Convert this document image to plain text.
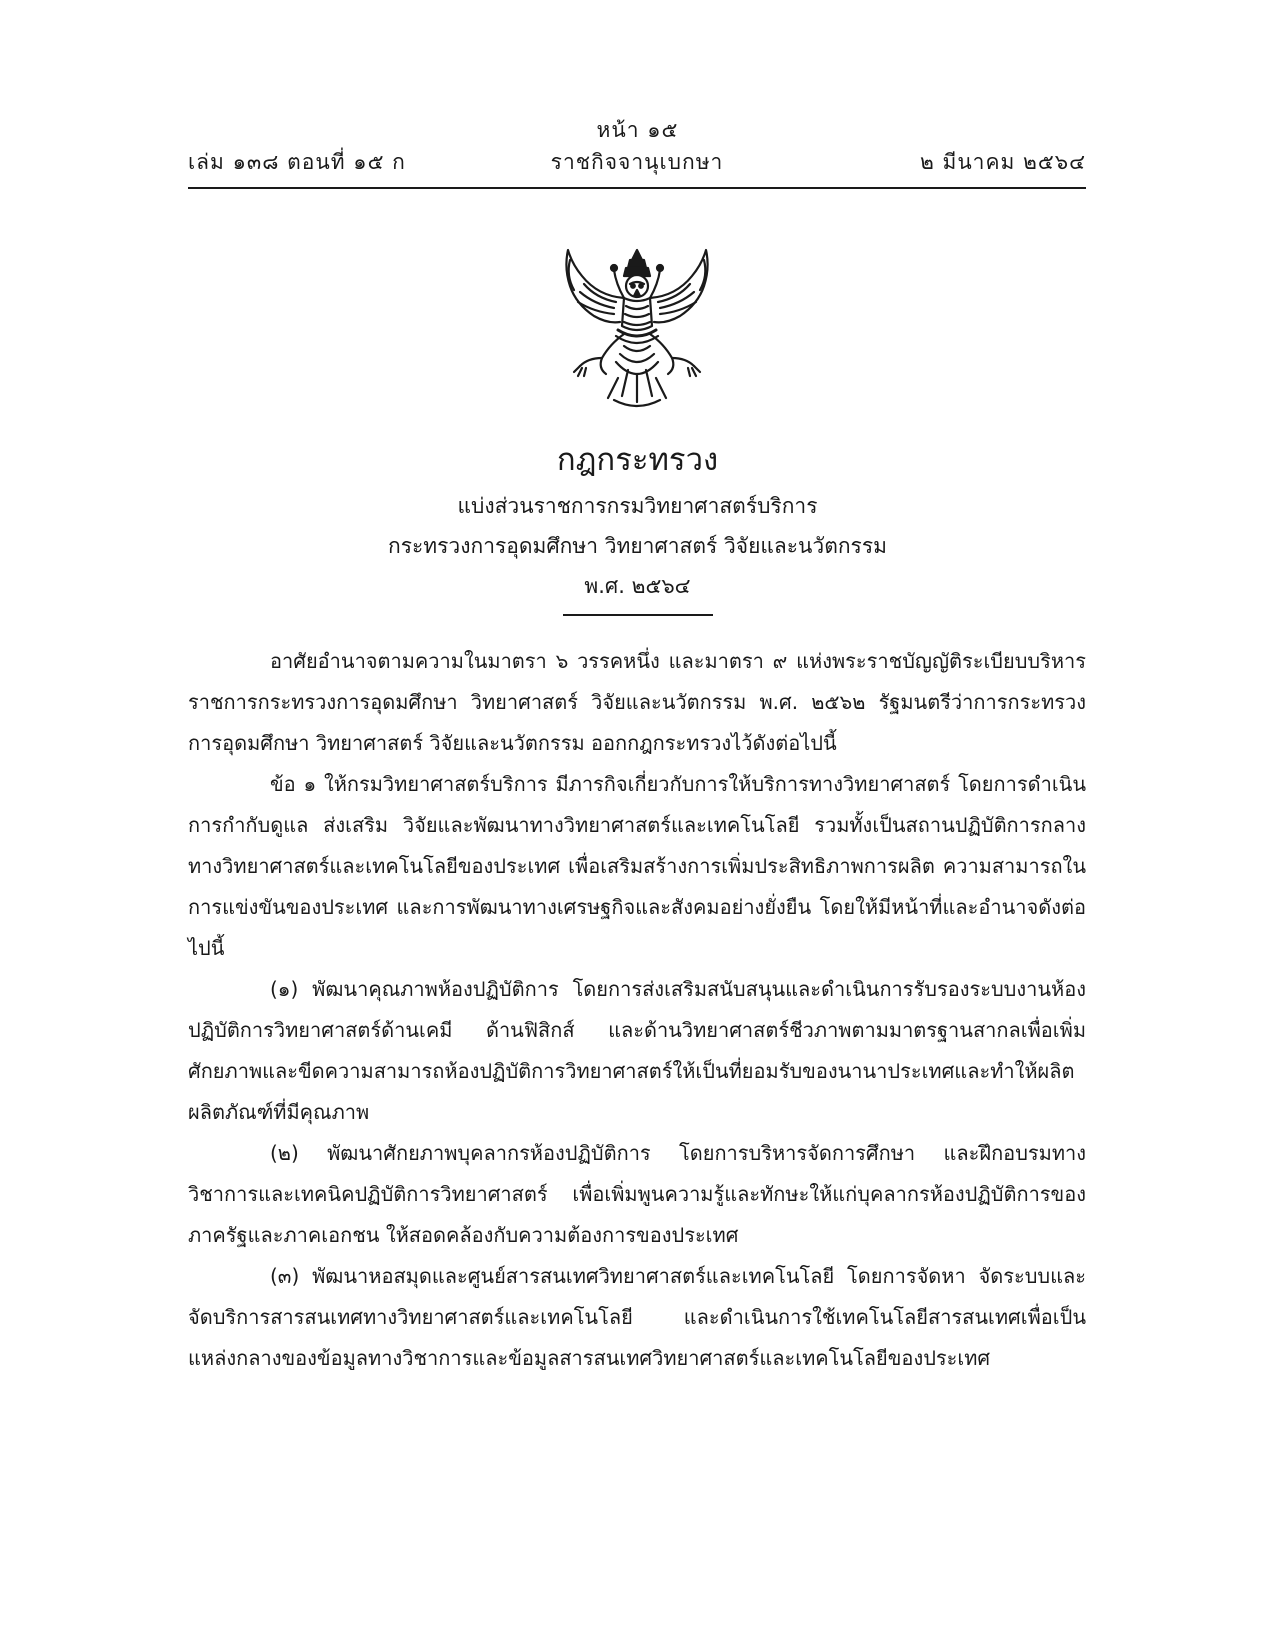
หน้า ๑๕
เล่ม ๑๓๘ ตอนที่ ๑๕ ก	ราชกิจจานุเบกษา	๒ มีนาคม ๒๕๖๔
กฎกระทรวง
แบ่งส่วนราชการกรมวิทยาศาสตร์บริการ
กระทรวงการอุดมศึกษา วิทยาศาสตร์ วิจัยและนวัตกรรม
พ.ศ. ๒๕๖๔

อาศัยอำนาจตามความในมาตรา ๖ วรรคหนึ่ง และมาตรา ๙ แห่งพระราชบัญญัติระเบียบบริหารราชการกระทรวงการอุดมศึกษา วิทยาศาสตร์ วิจัยและนวัตกรรม พ.ศ. ๒๕๖๒ รัฐมนตรีว่าการกระทรวงการอุดมศึกษา วิทยาศาสตร์ วิจัยและนวัตกรรม ออกกฎกระทรวงไว้ดังต่อไปนี้

ข้อ ๑ ให้กรมวิทยาศาสตร์บริการ มีภารกิจเกี่ยวกับการให้บริการทางวิทยาศาสตร์ โดยการดำเนินการกำกับดูแล ส่งเสริม วิจัยและพัฒนาทางวิทยาศาสตร์และเทคโนโลยี รวมทั้งเป็นสถานปฏิบัติการกลางทางวิทยาศาสตร์และเทคโนโลยีของประเทศ เพื่อเสริมสร้างการเพิ่มประสิทธิภาพการผลิต ความสามารถในการแข่งขันของประเทศ และการพัฒนาทางเศรษฐกิจและสังคมอย่างยั่งยืน โดยให้มีหน้าที่และอำนาจดังต่อไปนี้

(๑) พัฒนาคุณภาพห้องปฏิบัติการ โดยการส่งเสริมสนับสนุนและดำเนินการรับรองระบบงานห้องปฏิบัติการวิทยาศาสตร์ด้านเคมี ด้านฟิสิกส์ และด้านวิทยาศาสตร์ชีวภาพตามมาตรฐานสากลเพื่อเพิ่มศักยภาพและขีดความสามารถห้องปฏิบัติการวิทยาศาสตร์ให้เป็นที่ยอมรับของนานาประเทศและทำให้ผลิตผลิตภัณฑ์ที่มีคุณภาพ

(๒) พัฒนาศักยภาพบุคลากรห้องปฏิบัติการ โดยการบริหารจัดการศึกษา และฝึกอบรมทางวิชาการและเทคนิคปฏิบัติการวิทยาศาสตร์ เพื่อเพิ่มพูนความรู้และทักษะให้แก่บุคลากรห้องปฏิบัติการของภาครัฐและภาคเอกชน ให้สอดคล้องกับความต้องการของประเทศ

(๓) พัฒนาหอสมุดและศูนย์สารสนเทศวิทยาศาสตร์และเทคโนโลยี โดยการจัดหา จัดระบบและจัดบริการสารสนเทศทางวิทยาศาสตร์และเทคโนโลยี และดำเนินการใช้เทคโนโลยีสารสนเทศเพื่อเป็นแหล่งกลางของข้อมูลทางวิชาการและข้อมูลสารสนเทศวิทยาศาสตร์และเทคโนโลยีของประเทศ
